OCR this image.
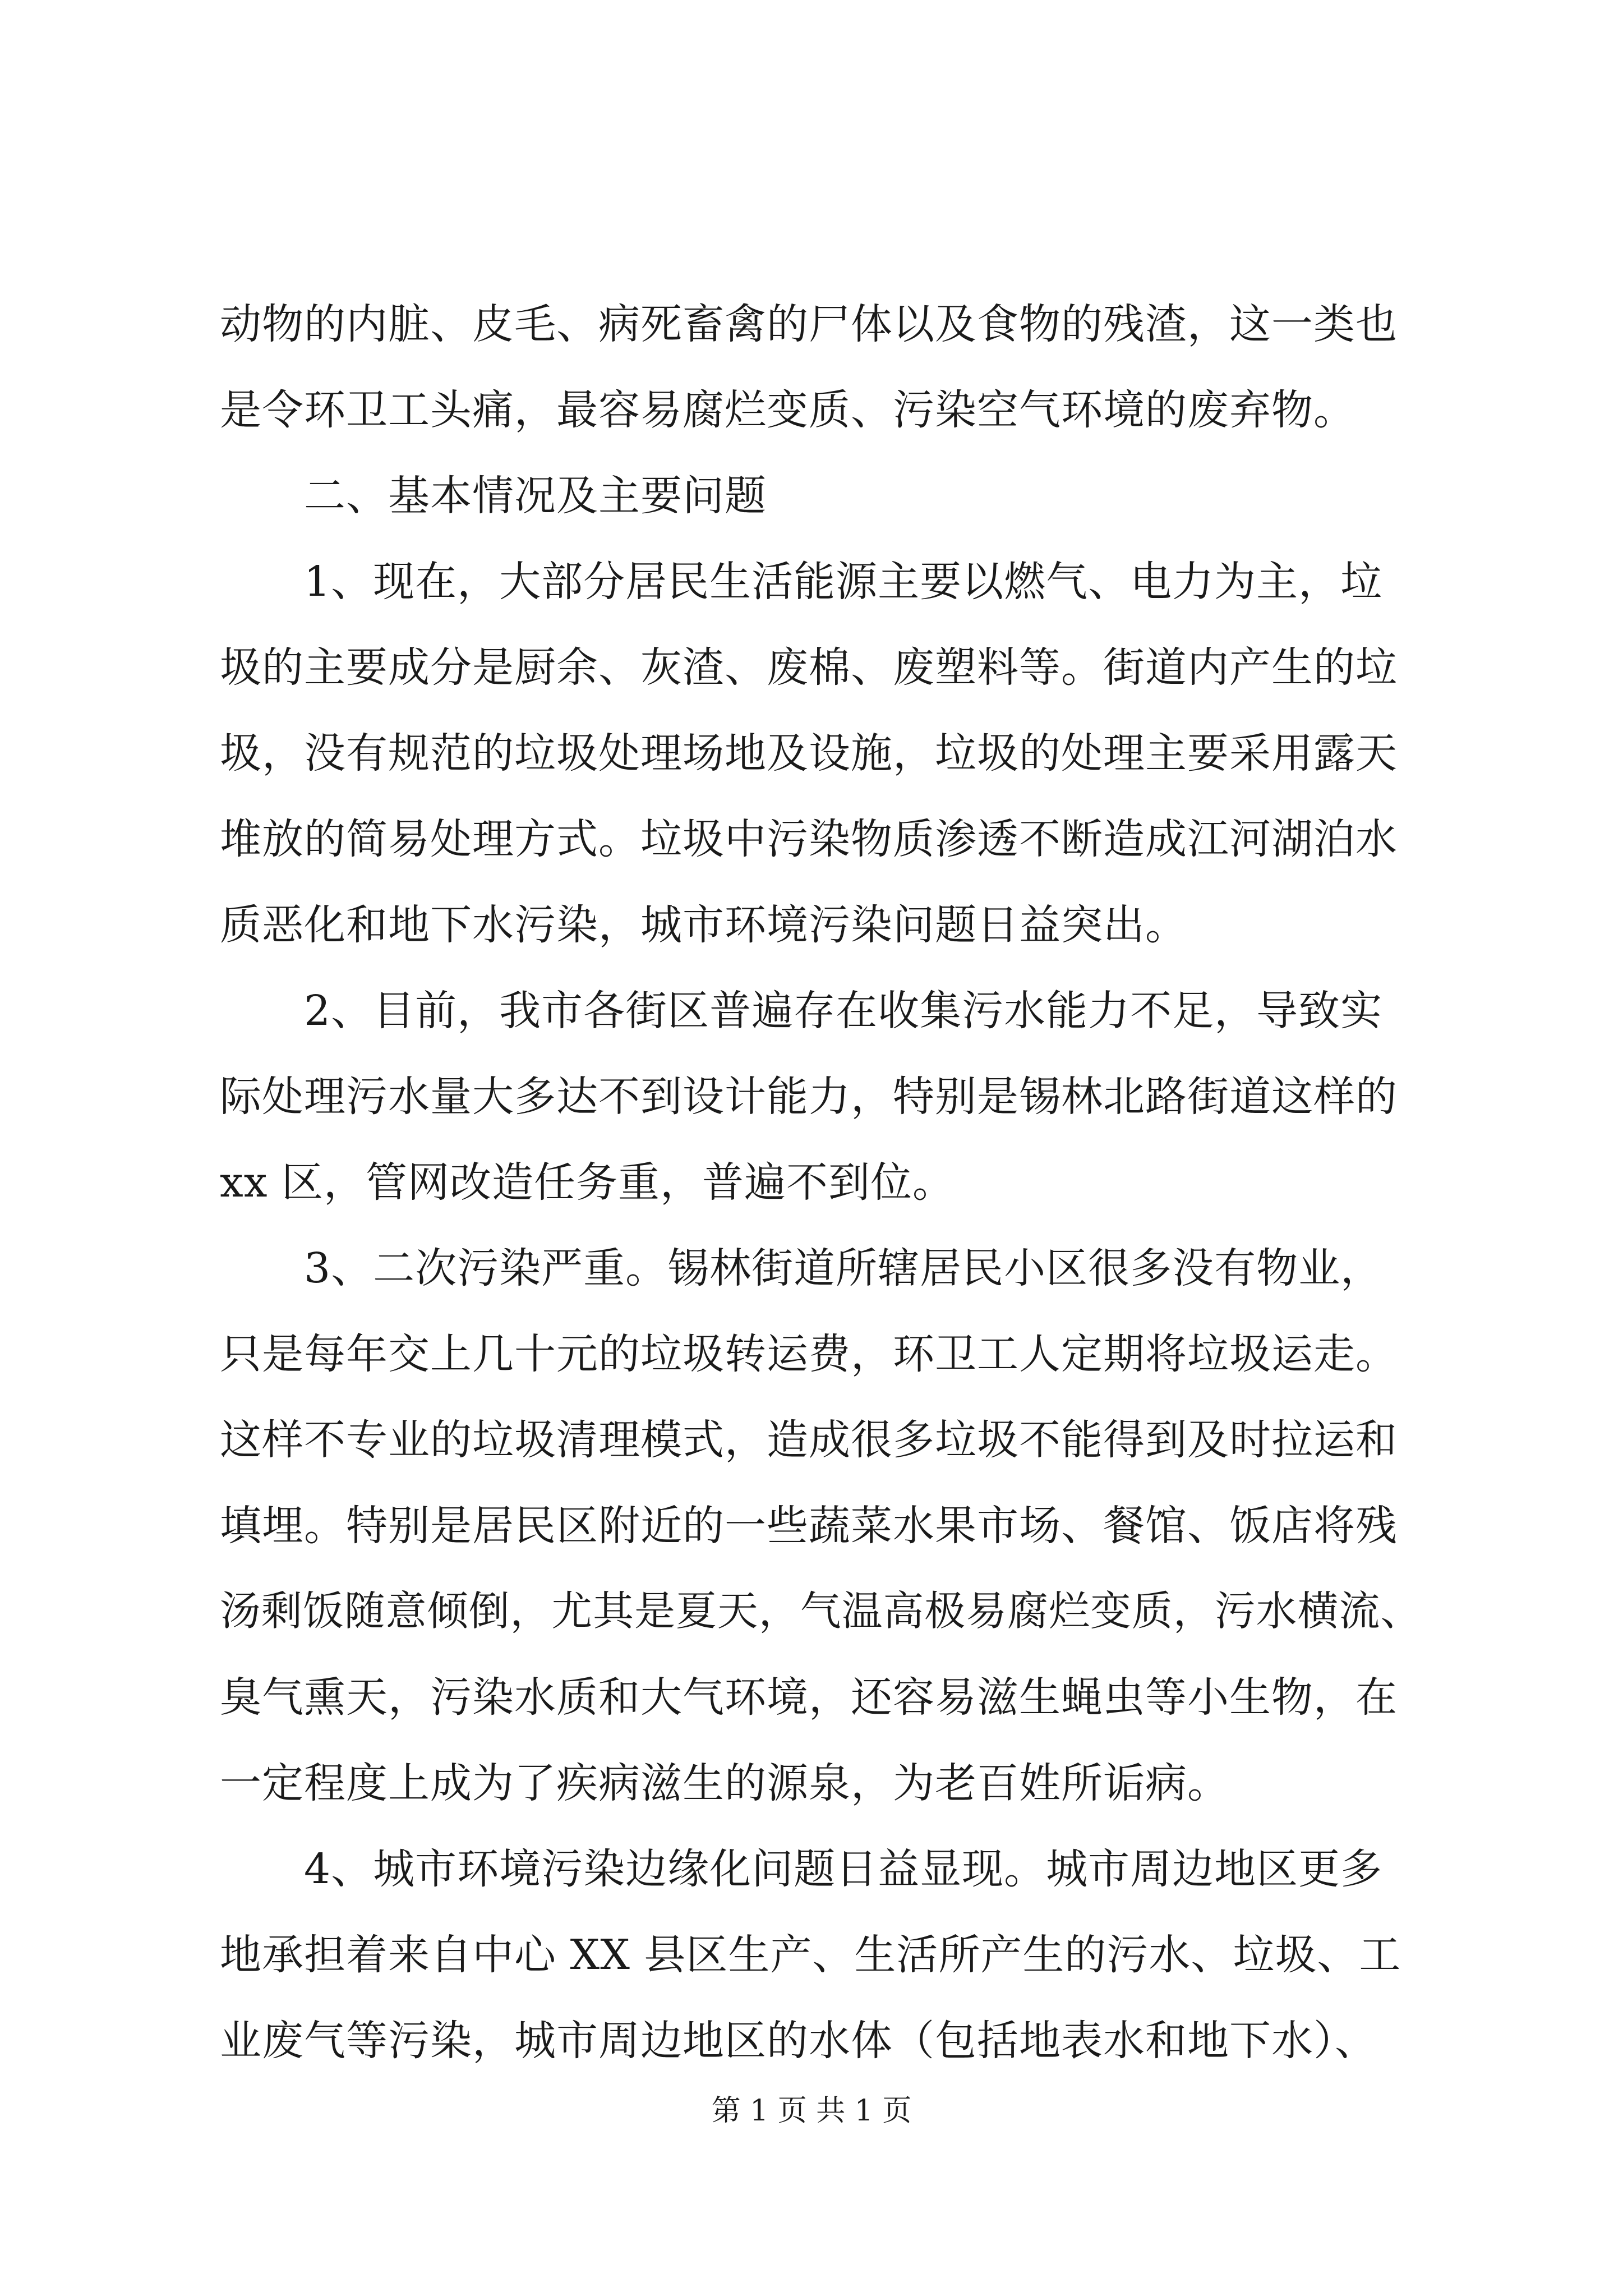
动物的内脏、皮毛、病死畜禽的尸体以及食物的残渣，这一类也
是令环卫工头痛，最容易腐烂变质、污染空气环境的废弃物。
二、基本情况及主要问题
1、现在，大部分居民生活能源主要以燃气、电力为主，垃
圾的主要成分是厨余、灰渣、废棉、废塑料等。街道内产生的垃
圾，没有规范的垃圾处理场地及设施，垃圾的处理主要采用露天
堆放的简易处理方式。垃圾中污染物质渗透不断造成江河湖泊水
质恶化和地下水污染，城市环境污染问题日益突出。
2、目前，我市各街区普遍存在收集污水能力不足，导致实
际处理污水量大多达不到设计能力，特别是锡林北路街道这样的
xx 区，管网改造任务重，普遍不到位。
3、二次污染严重。锡林街道所辖居民小区很多没有物业，
只是每年交上几十元的垃圾转运费，环卫工人定期将垃圾运走。
这样不专业的垃圾清理模式，造成很多垃圾不能得到及时拉运和
填埋。特别是居民区附近的一些蔬菜水果市场、餐馆、饭店将残
汤剩饭随意倾倒，尤其是夏天，气温高极易腐烂变质，污水横流、
臭气熏天，污染水质和大气环境，还容易滋生蝇虫等小生物，在
一定程度上成为了疾病滋生的源泉，为老百姓所诟病。
4、城市环境污染边缘化问题日益显现。城市周边地区更多
地承担着来自中心 XX 县区生产、生活所产生的污水、垃圾、工
业废气等污染，城市周边地区的水体（包括地表水和地下水）、
第 1 页 共 1 页
